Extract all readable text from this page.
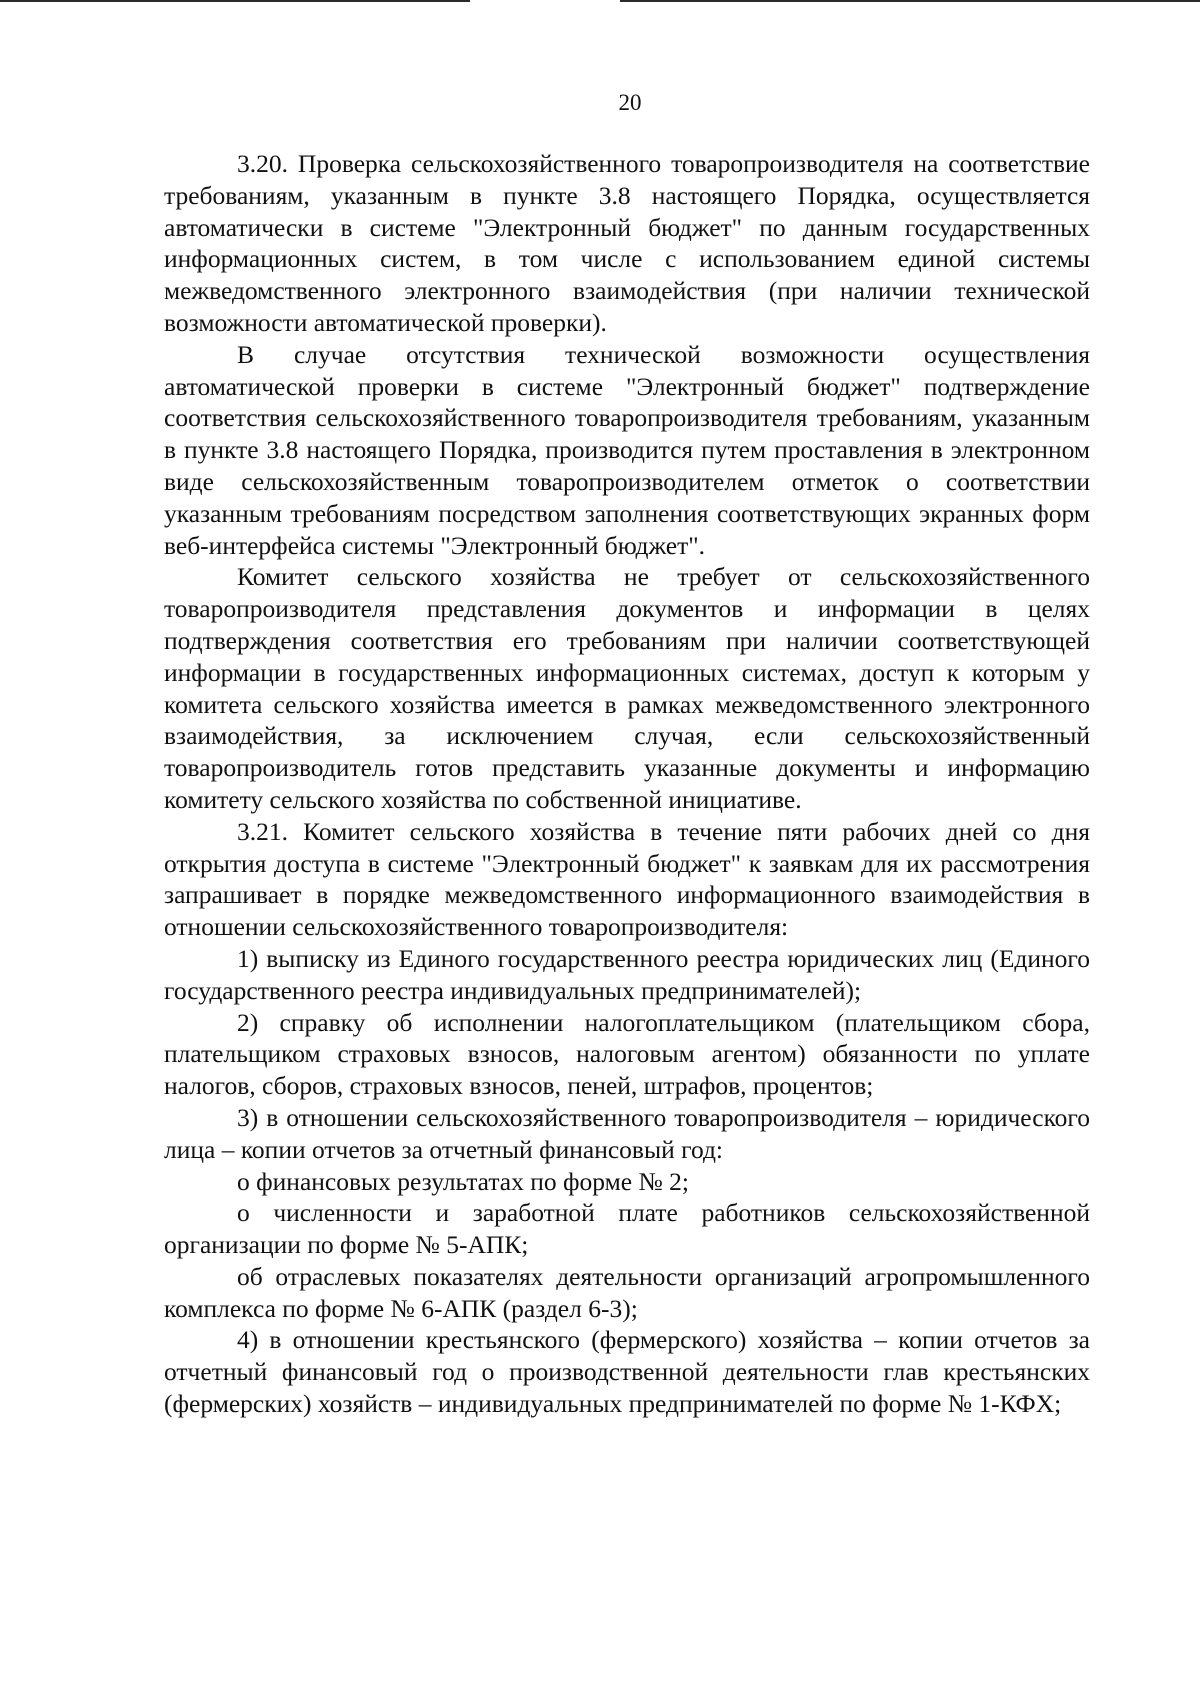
20

3.20. Проверка сельскохозяйственного товаропроизводителя на соответствие требованиям, указанным в пункте 3.8 настоящего Порядка, осуществляется автоматически в системе "Электронный бюджет" по данным государственных информационных систем, в том числе с использованием единой системы межведомственного электронного взаимодействия (при наличии технической возможности автоматической проверки).

В случае отсутствия технической возможности осуществления автоматической проверки в системе "Электронный бюджет" подтверждение соответствия сельскохозяйственного товаропроизводителя требованиям, указанным в пункте 3.8 настоящего Порядка, производится путем проставления в электронном виде сельскохозяйственным товаропроизводителем отметок о соответствии указанным требованиям посредством заполнения соответствующих экранных форм веб-интерфейса системы "Электронный бюджет".

Комитет сельского хозяйства не требует от сельскохозяйственного товаропроизводителя представления документов и информации в целях подтверждения соответствия его требованиям при наличии соответствующей информации в государственных информационных системах, доступ к которым у комитета сельского хозяйства имеется в рамках межведомственного электронного взаимодействия, за исключением случая, если сельскохозяйственный товаропроизводитель готов представить указанные документы и информацию комитету сельского хозяйства по собственной инициативе.

3.21. Комитет сельского хозяйства в течение пяти рабочих дней со дня открытия доступа в системе "Электронный бюджет" к заявкам для их рассмотрения запрашивает в порядке межведомственного информационного взаимодействия в отношении сельскохозяйственного товаропроизводителя:

1) выписку из Единого государственного реестра юридических лиц (Единого государственного реестра индивидуальных предпринимателей);

2) справку об исполнении налогоплательщиком (плательщиком сбора, плательщиком страховых взносов, налоговым агентом) обязанности по уплате налогов, сборов, страховых взносов, пеней, штрафов, процентов;

3) в отношении сельскохозяйственного товаропроизводителя – юридического лица – копии отчетов за отчетный финансовый год:

о финансовых результатах по форме № 2;

о численности и заработной плате работников сельскохозяйственной организации по форме № 5-АПК;

об отраслевых показателях деятельности организаций агропромышленного комплекса по форме № 6-АПК (раздел 6-3);

4) в отношении крестьянского (фермерского) хозяйства – копии отчетов за отчетный финансовый год о производственной деятельности глав крестьянских (фермерских) хозяйств – индивидуальных предпринимателей по форме № 1-КФХ;
